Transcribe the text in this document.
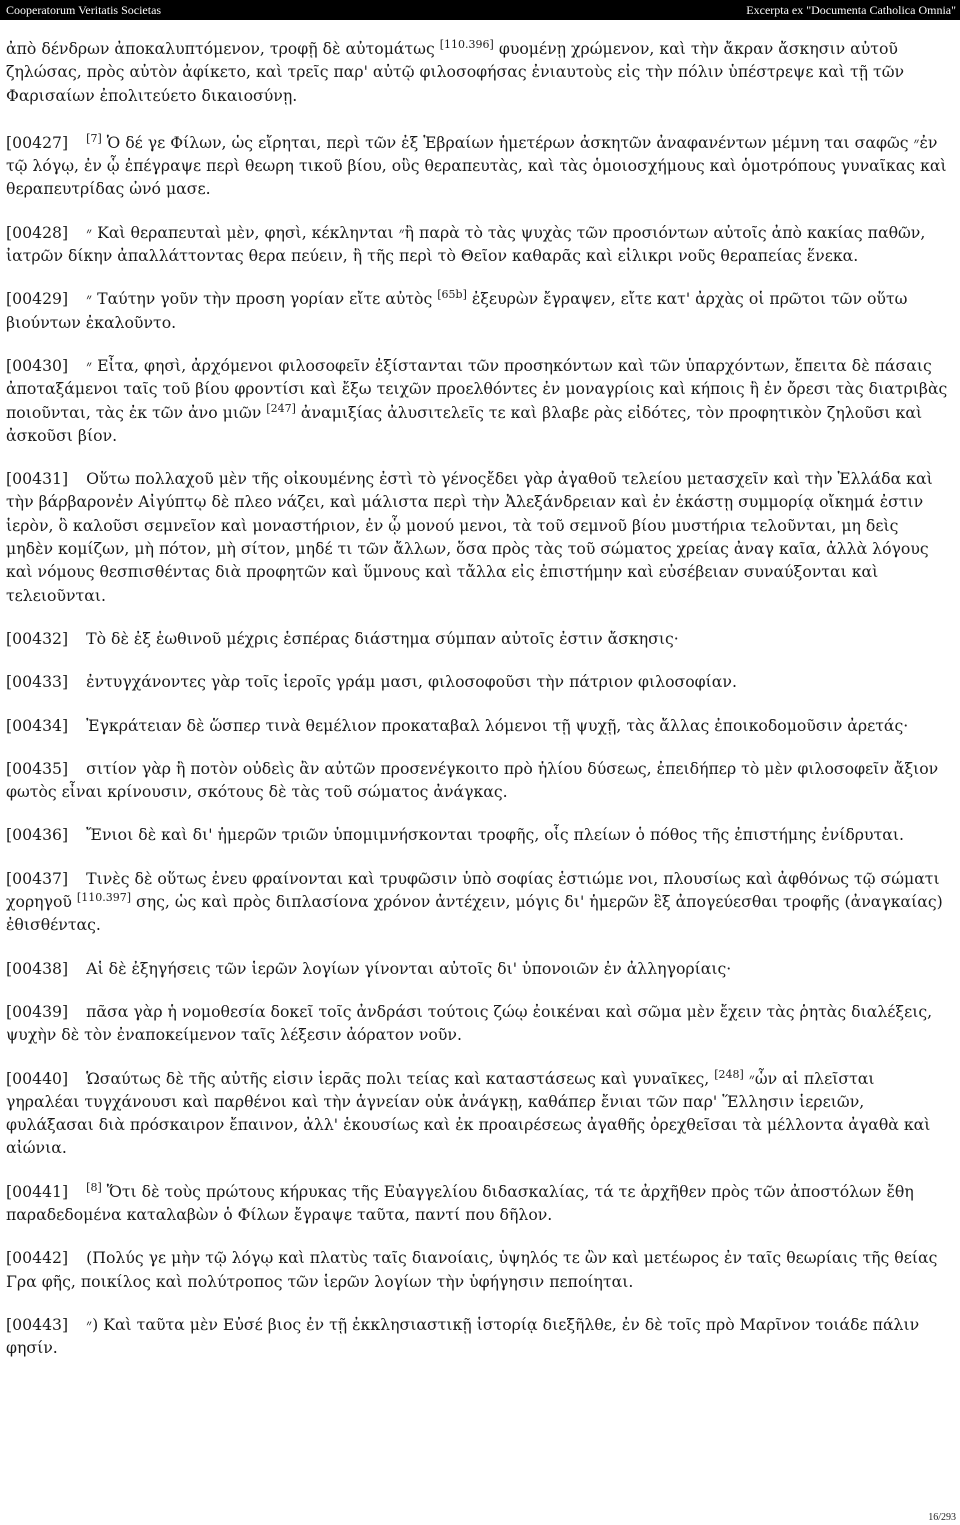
Cooperatorum Veritatis Societas	Excerpta ex "Documenta Catholica Omnia"

ἀπὸ δένδρων ἀποκαλυπτόμενον, τροφῇ δὲ αὐτομάτως [110.396] φυομένῃ χρώμενον, καὶ τὴν ἄκραν ἄσκησιν αὐτοῦ ζηλώσας, πρὸς αὐτὸν ἀφίκετο, καὶ τρεῖς παρ' αὐτῷ φιλοσοφήσας ἐνιαυτοὺς εἰς τὴν πόλιν ὑπέστρεψε καὶ τῇ τῶν Φαρισαίων ἐπολιτεύετο δικαιοσύνῃ.

[00427] [7] Ὁ δέ γε Φίλων, ὡς εἴρηται, περὶ τῶν ἐξ Ἑβραίων ἡμετέρων ἀσκητῶν ἀναφανέντων μέμνη ται σαφῶς ״ἐν τῷ λόγῳ, ἐν ᾧ ἐπέγραψε περὶ θεωρη τικοῦ βίου, οὓς θεραπευτὰς, καὶ τὰς ὁμοιοσχήμους καὶ ὁμοτρόπους γυναῖκας καὶ θεραπευτρίδας ὠνό μασε.

[00428] ״ Καὶ θεραπευταὶ μὲν, φησὶ, κέκληνται ״ἢ παρὰ τὸ τὰς ψυχὰς τῶν προσιόντων αὐτοῖς ἀπὸ κακίας παθῶν, ἰατρῶν δίκην ἀπαλλάττοντας θερα πεύειν, ἢ τῆς περὶ τὸ Θεῖον καθαρᾶς καὶ εἰλικρι νοῦς θεραπείας ἕνεκα.

[00429] ״ Ταύτην γοῦν τὴν προση γορίαν εἴτε αὐτὸς [65b] ἐξευρὼν ἔγραψεν, εἴτε κατ' ἀρχὰς οἱ πρῶτοι τῶν οὕτω βιούντων ἐκαλοῦντο.

[00430] ״ Εἶτα, φησὶ, ἀρχόμενοι φιλοσοφεῖν ἐξίστανται τῶν προσηκόντων καὶ τῶν ὑπαρχόντων, ἔπειτα δὲ πάσαις ἀποταξάμενοι ταῖς τοῦ βίου φροντίσι καὶ ἔξω τειχῶν προελθόντες ἐν μοναγρίοις καὶ κήποις ἢ ἐν ὄρεσι τὰς διατριβὰς ποιοῦνται, τὰς ἐκ τῶν ἀνο μιῶν [247] ἀναμιξίας ἀλυσιτελεῖς τε καὶ βλαβε ρὰς εἰδότες, τὸν προφητικὸν ζηλοῦσι καὶ ἀσκοῦσι βίον.

[00431] Οὕτω πολλαχοῦ μὲν τῆς οἰκουμένης ἐστὶ τὸ γένοςἔδει γὰρ ἀγαθοῦ τελείου μετασχεῖν καὶ τὴν Ἑλλάδα καὶ τὴν βάρβαρονἐν Αἰγύπτῳ δὲ πλεο νάζει, καὶ μάλιστα περὶ τὴν Ἀλεξάνδρειαν καὶ ἐν ἑκάστῃ συμμορίᾳ οἴκημά ἐστιν ἱερὸν, ὃ καλοῦσι σεμνεῖον καὶ μοναστήριον, ἐν ᾧ μονού μενοι, τὰ τοῦ σεμνοῦ βίου μυστήρια τελοῦνται, μη δεὶς μηδὲν κομίζων, μὴ πότον, μὴ σίτον, μηδέ τι τῶν ἄλλων, ὅσα πρὸς τὰς τοῦ σώματος χρείας ἀναγ καῖα, ἀλλὰ λόγους καὶ νόμους θεσπισθέντας διὰ προφητῶν καὶ ὕμνους καὶ τἄλλα εἰς ἐπιστήμην καὶ εὐσέβειαν συναύξονται καὶ τελειοῦνται.

[00432] Τὸ δὲ ἐξ ἑωθινοῦ μέχρις ἑσπέρας διάστημα σύμπαν αὐτοῖς ἐστιν ἄσκησις·

[00433] ἐντυγχάνοντες γὰρ τοῖς ἱεροῖς γράμ μασι, φιλοσοφοῦσι τὴν πάτριον φιλοσοφίαν.

[00434] Ἐγκράτειαν δὲ ὥσπερ τινὰ θεμέλιον προκαταβαλ λόμενοι τῇ ψυχῇ, τὰς ἄλλας ἐποικοδομοῦσιν ἀρετάς·

[00435] σιτίον γὰρ ἢ ποτὸν οὐδεὶς ἂν αὐτῶν προσενέγκοιτο πρὸ ἡλίου δύσεως, ἐπειδήπερ τὸ μὲν φιλοσοφεῖν ἄξιον φωτὸς εἶναι κρίνουσιν, σκότους δὲ τὰς τοῦ σώματος ἀνάγκας.

[00436] Ἔνιοι δὲ καὶ δι' ἡμερῶν τριῶν ὑπομιμνήσκονται τροφῆς, οἷς πλείων ὁ πόθος τῆς ἐπιστήμης ἐνίδρυται.

[00437] Τινὲς δὲ οὕτως ἐνευ φραίνονται καὶ τρυφῶσιν ὑπὸ σοφίας ἑστιώμε νοι, πλουσίως καὶ ἀφθόνως τῷ σώματι χορηγοῦ [110.397] σης, ὡς καὶ πρὸς διπλασίονα χρόνον ἀντέχειν, μόγις δι' ἡμερῶν ἓξ ἀπογεύεσθαι τροφῆς (ἀναγκαίας) ἐθισθέντας.

[00438] Αἱ δὲ ἐξηγήσεις τῶν ἱερῶν λογίων γίνονται αὐτοῖς δι' ὑπονοιῶν ἐν ἀλληγορίαις·

[00439] πᾶσα γὰρ ἡ νομοθεσία δοκεῖ τοῖς ἀνδράσι τούτοις ζώῳ ἐοικέναι καὶ σῶμα μὲν ἔχειν τὰς ῥητὰς διαλέξεις, ψυχὴν δὲ τὸν ἐναποκείμενον ταῖς λέξεσιν ἀόρατον νοῦν.

[00440] Ὡσαύτως δὲ τῆς αὐτῆς εἰσιν ἱερᾶς πολι τείας καὶ καταστάσεως καὶ γυναῖκες, [248] ״ὧν αἱ πλεῖσται γηραλέαι τυγχάνουσι καὶ παρθένοι καὶ τὴν ἁγνείαν οὐκ ἀνάγκῃ, καθάπερ ἔνιαι τῶν παρ' Ἕλλησιν ἱερειῶν, φυλάξασαι διὰ πρόσκαιρον ἔπαινον, ἀλλ' ἑκουσίως καὶ ἐκ προαιρέσεως ἀγαθῆς ὀρεχθεῖσαι τὰ μέλλοντα ἀγαθὰ καὶ αἰώνια.

[00441] [8] Ὅτι δὲ τοὺς πρώτους κήρυκας τῆς Εὐαγγελίου διδασκαλίας, τά τε ἀρχῆθεν πρὸς τῶν ἀποστόλων ἔθη παραδεδομένα καταλαβὼν ὁ Φίλων ἔγραψε ταῦτα, παντί που δῆλον.

[00442] (Πολύς γε μὴν τῷ λόγῳ καὶ πλατὺς ταῖς διανοίαις, ὑψηλός τε ὢν καὶ μετέωρος ἐν ταῖς θεωρίαις τῆς θείας Γρα φῆς, ποικίλος καὶ πολύτροπος τῶν ἱερῶν λογίων τὴν ὑφήγησιν πεποίηται.

[00443] ״) Καὶ ταῦτα μὲν Εὐσέ βιος ἐν τῇ ἐκκλησιαστικῇ ἱστορίᾳ διεξῆλθε, ἐν δὲ τοῖς πρὸ Μαρῖνον τοιάδε πάλιν φησίν.

16/293
